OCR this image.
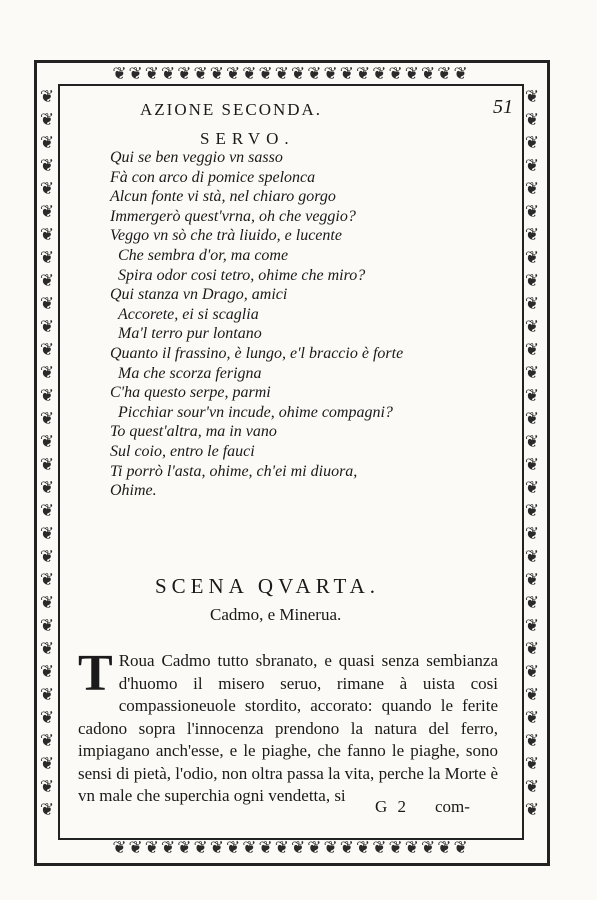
❦❦❦❦❦❦❦❦❦❦❦❦❦❦❦❦❦❦❦❦❦❦
❦❦❦❦❦❦❦❦❦❦❦❦❦❦❦❦❦❦❦❦❦❦
❦❦❦❦❦❦❦❦❦❦❦❦❦❦❦❦❦❦❦❦❦❦❦❦❦❦❦❦❦❦❦❦
❦❦❦❦❦❦❦❦❦❦❦❦❦❦❦❦❦❦❦❦❦❦❦❦❦❦❦❦❦❦❦❦
AZIONE SECONDA.	51
SERVO.
Qui se ben veggio vn sasso
Fà con arco di pomice spelonca
Alcun fonte vi stà, nel chiaro gorgo
Immergerò quest'vrna, oh che veggio?
Veggo vn sò che trà liuido, e lucente
Che sembra d'or, ma come
Spira odor cosi tetro, ohime che miro?
Qui stanza vn Drago, amici
Accorete, ei si scaglia
Ma'l terro pur lontano
Quanto il frassino, è lungo, e'l braccio è forte
Ma che scorza ferigna
C'ha questo serpe, parmi
Picchiar sour'vn incude, ohime compagni?
To quest'altra, ma in vano
Sul coio, entro le fauci
Ti porrò l'asta, ohime, ch'ei mi diuora,
Ohime.
SCENA QVARTA.
Cadmo, e Minerua.
T Roua Cadmo tutto sbranato, e quasi senza sembianza d'huomo il misero seruo, rimane à uista cosi compassioneuole stordito, accorato: quando le ferite cadono sopra l'innocenza prendono la natura del ferro, impiagano anch'esse, e le piaghe, che fanno le piaghe, sono sensi di pietà, l'odio, non oltra passa la vita, perche la Morte è vn male che superchia ogni vendetta, si
G 2 com-
